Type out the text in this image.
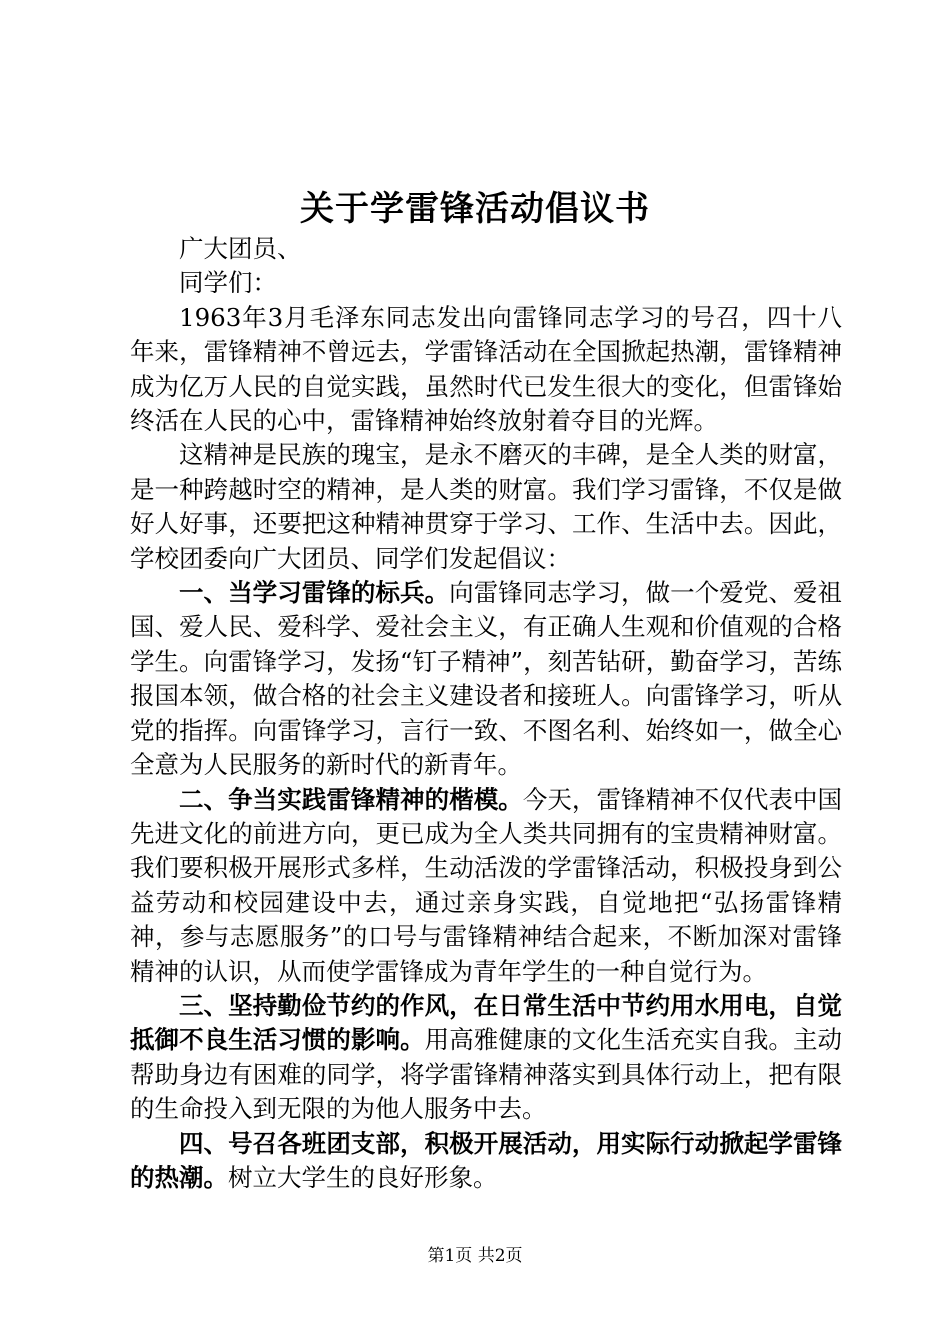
关于学雷锋活动倡议书

广大团员、

同学们：

1963年3月毛泽东同志发出向雷锋同志学习的号召，四十八年来，雷锋精神不曾远去，学雷锋活动在全国掀起热潮，雷锋精神成为亿万人民的自觉实践，虽然时代已发生很大的变化，但雷锋始终活在人民的心中，雷锋精神始终放射着夺目的光辉。

这精神是民族的瑰宝，是永不磨灭的丰碑，是全人类的财富，是一种跨越时空的精神，是人类的财富。我们学习雷锋，不仅是做好人好事，还要把这种精神贯穿于学习、工作、生活中去。因此，学校团委向广大团员、同学们发起倡议：

一、当学习雷锋的标兵。向雷锋同志学习，做一个爱党、爱祖国、爱人民、爱科学、爱社会主义，有正确人生观和价值观的合格学生。向雷锋学习，发扬“钉子精神”，刻苦钻研，勤奋学习，苦练报国本领，做合格的社会主义建设者和接班人。向雷锋学习，听从党的指挥。向雷锋学习，言行一致、不图名利、始终如一，做全心全意为人民服务的新时代的新青年。

二、争当实践雷锋精神的楷模。今天，雷锋精神不仅代表中国先进文化的前进方向，更已成为全人类共同拥有的宝贵精神财富。我们要积极开展形式多样，生动活泼的学雷锋活动，积极投身到公益劳动和校园建设中去，通过亲身实践，自觉地把“弘扬雷锋精神，参与志愿服务”的口号与雷锋精神结合起来，不断加深对雷锋精神的认识，从而使学雷锋成为青年学生的一种自觉行为。

三、坚持勤俭节约的作风，在日常生活中节约用水用电，自觉抵御不良生活习惯的影响。用高雅健康的文化生活充实自我。主动帮助身边有困难的同学，将学雷锋精神落实到具体行动上，把有限的生命投入到无限的为他人服务中去。

四、号召各班团支部，积极开展活动，用实际行动掀起学雷锋的热潮。树立大学生的良好形象。

第1页 共2页
